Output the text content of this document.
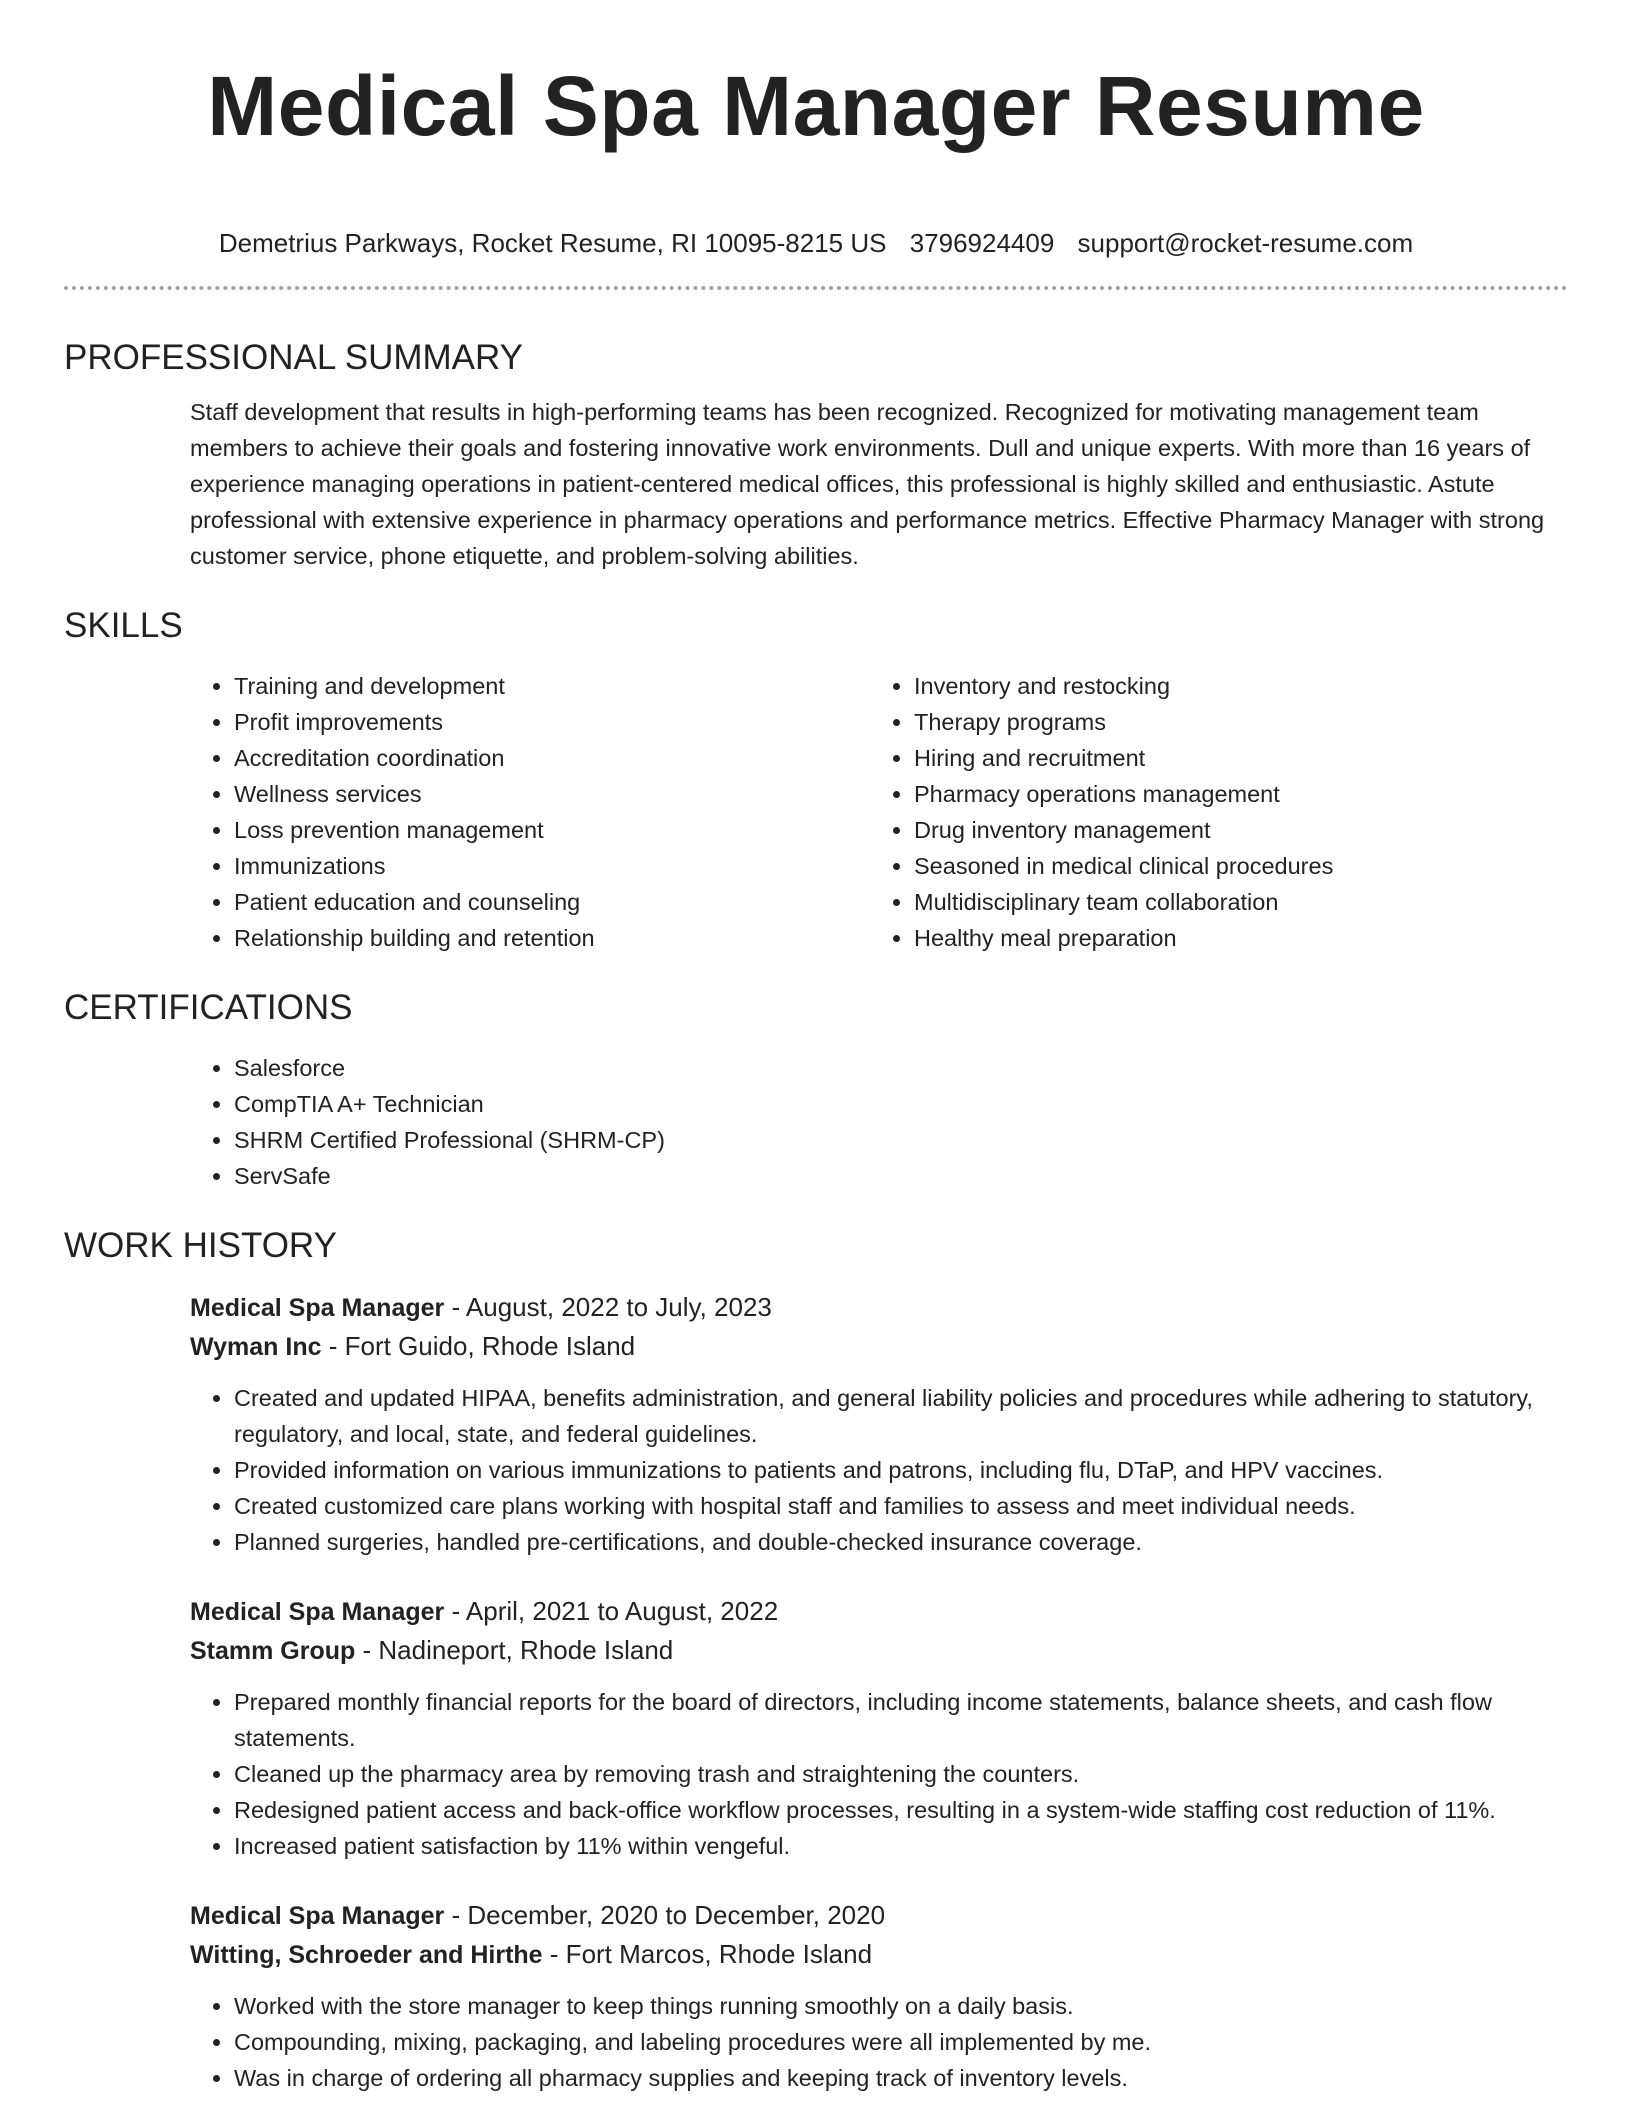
Medical Spa Manager Resume
Demetrius Parkways, Rocket Resume, RI 10095-8215 US 3796924409 support@rocket-resume.com
PROFESSIONAL SUMMARY

Staff development that results in high-performing teams has been recognized. Recognized for motivating management team members to achieve their goals and fostering innovative work environments. Dull and unique experts. With more than 16 years of experience managing operations in patient-centered medical offices, this professional is highly skilled and enthusiastic. Astute professional with extensive experience in pharmacy operations and performance metrics. Effective Pharmacy Manager with strong customer service, phone etiquette, and problem-solving abilities.

SKILLS
• Training and development
• Profit improvements
• Accreditation coordination
• Wellness services
• Loss prevention management
• Immunizations
• Patient education and counseling
• Relationship building and retention
• Inventory and restocking
• Therapy programs
• Hiring and recruitment
• Pharmacy operations management
• Drug inventory management
• Seasoned in medical clinical procedures
• Multidisciplinary team collaboration
• Healthy meal preparation
CERTIFICATIONS
• Salesforce
• CompTIA A+ Technician
• SHRM Certified Professional (SHRM-CP)
• ServSafe
WORK HISTORY
Medical Spa Manager - August, 2022 to July, 2023
Wyman Inc - Fort Guido, Rhode Island
• Created and updated HIPAA, benefits administration, and general liability policies and procedures while adhering to statutory, regulatory, and local, state, and federal guidelines.
• Provided information on various immunizations to patients and patrons, including flu, DTaP, and HPV vaccines.
• Created customized care plans working with hospital staff and families to assess and meet individual needs.
• Planned surgeries, handled pre-certifications, and double-checked insurance coverage.
Medical Spa Manager - April, 2021 to August, 2022
Stamm Group - Nadineport, Rhode Island
• Prepared monthly financial reports for the board of directors, including income statements, balance sheets, and cash flow statements.
• Cleaned up the pharmacy area by removing trash and straightening the counters.
• Redesigned patient access and back-office workflow processes, resulting in a system-wide staffing cost reduction of 11%.
• Increased patient satisfaction by 11% within vengeful.
Medical Spa Manager - December, 2020 to December, 2020
Witting, Schroeder and Hirthe - Fort Marcos, Rhode Island
• Worked with the store manager to keep things running smoothly on a daily basis.
• Compounding, mixing, packaging, and labeling procedures were all implemented by me.
• Was in charge of ordering all pharmacy supplies and keeping track of inventory levels.
